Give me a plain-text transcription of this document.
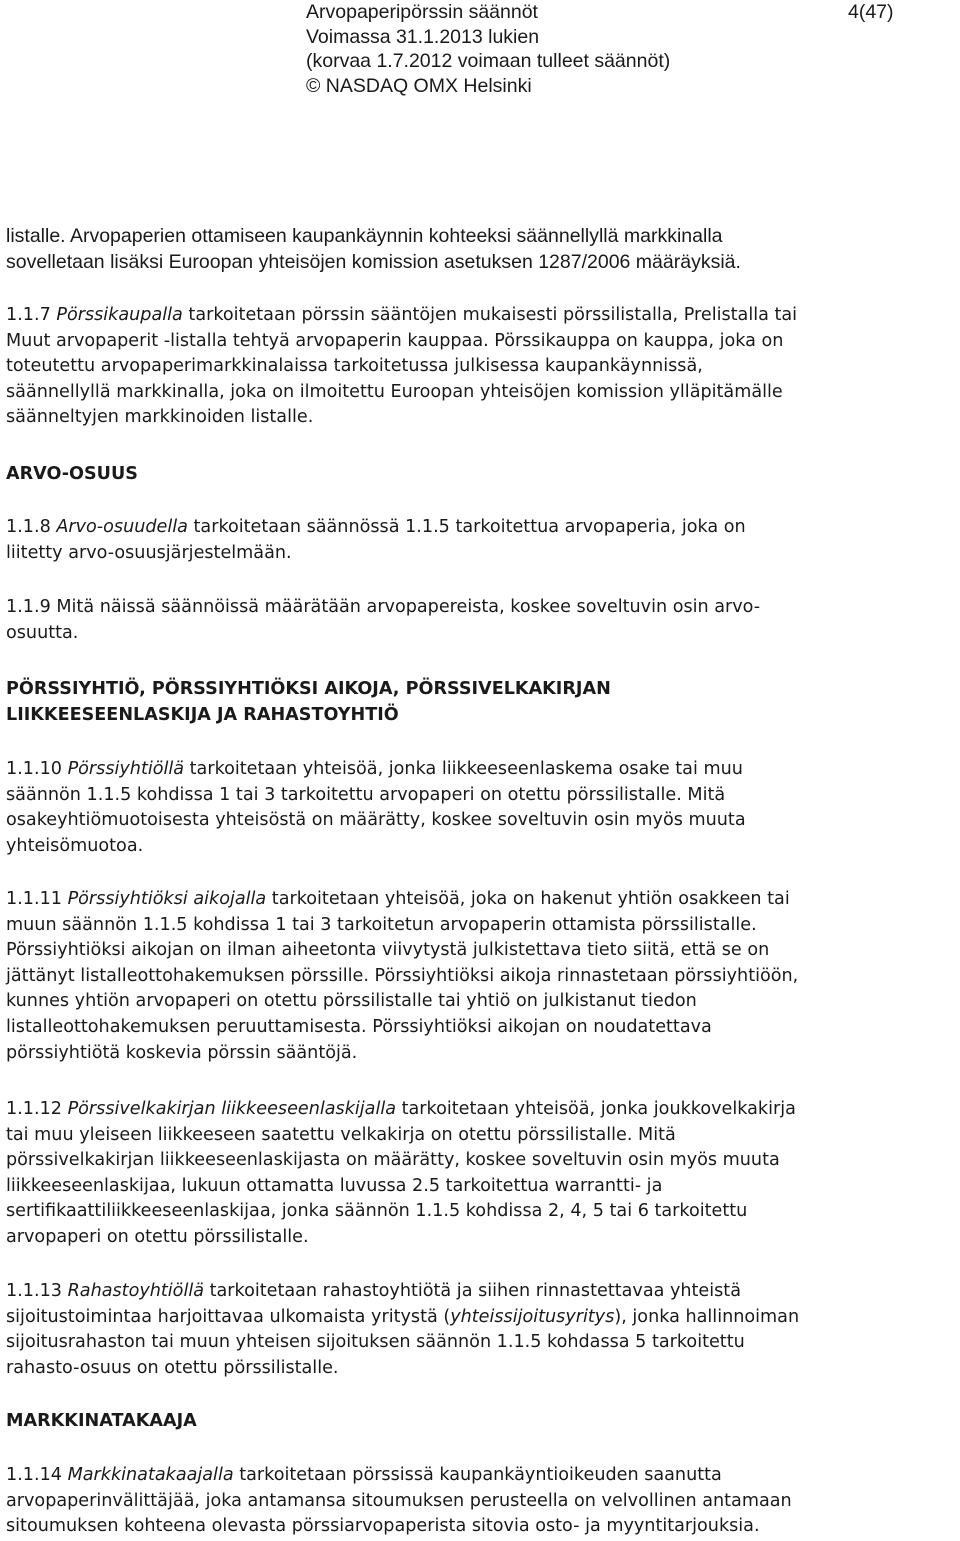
Arvopaperipörssin säännöt
Voimassa 31.1.2013 lukien
(korvaa 1.7.2012 voimaan tulleet säännöt)
© NASDAQ OMX Helsinki
4(47)
listalle. Arvopaperien ottamiseen kaupankäynnin kohteeksi säännellyllä markkinalla
sovelletaan lisäksi Euroopan yhteisöjen komission asetuksen 1287/2006 määräyksiä.
1.1.7 Pörssikaupalla tarkoitetaan pörssin sääntöjen mukaisesti pörssilistalla, Prelistalla tai
Muut arvopaperit -listalla tehtyä arvopaperin kauppaa. Pörssikauppa on kauppa, joka on
toteutettu arvopaperimarkkinalaissa tarkoitetussa julkisessa kaupankäynnissä,
säännellyllä markkinalla, joka on ilmoitettu Euroopan yhteisöjen komission ylläpitämälle
säänneltyjen markkinoiden listalle.
ARVO-OSUUS
1.1.8 Arvo-osuudella tarkoitetaan säännössä 1.1.5 tarkoitettua arvopaperia, joka on
liitetty arvo-osuusjärjestelmään.
1.1.9 Mitä näissä säännöissä määrätään arvopapereista, koskee soveltuvin osin arvo-
osuutta.
PÖRSSIYHTIÖ, PÖRSSIYHTIÖKSI AIKOJA, PÖRSSIVELKAKIRJAN
LIIKKEESEENLASKIJA JA RAHASTOYHTIÖ
1.1.10 Pörssiyhtiöllä tarkoitetaan yhteisöä, jonka liikkeeseenlaskema osake tai muu
säännön 1.1.5 kohdissa 1 tai 3 tarkoitettu arvopaperi on otettu pörssilistalle. Mitä
osakeyhtiömuotoisesta yhteisöstä on määrätty, koskee soveltuvin osin myös muuta
yhteisömuotoa.
1.1.11 Pörssiyhtiöksi aikojalla tarkoitetaan yhteisöä, joka on hakenut yhtiön osakkeen tai
muun säännön 1.1.5 kohdissa 1 tai 3 tarkoitetun arvopaperin ottamista pörssilistalle.
Pörssiyhtiöksi aikojan on ilman aiheetonta viivytystä julkistettava tieto siitä, että se on
jättänyt listalleottohakemuksen pörssille. Pörssiyhtiöksi aikoja rinnastetaan pörssiyhtiöön,
kunnes yhtiön arvopaperi on otettu pörssilistalle tai yhtiö on julkistanut tiedon
listalleottohakemuksen peruuttamisesta. Pörssiyhtiöksi aikojan on noudatettava
pörssiyhtiötä koskevia pörssin sääntöjä.
1.1.12 Pörssivelkakirjan liikkeeseenlaskijalla tarkoitetaan yhteisöä, jonka joukkovelkakirja
tai muu yleiseen liikkeeseen saatettu velkakirja on otettu pörssilistalle. Mitä
pörssivelkakirjan liikkeeseenlaskijasta on määrätty, koskee soveltuvin osin myös muuta
liikkeeseenlaskijaa, lukuun ottamatta luvussa 2.5 tarkoitettua warrantti- ja
sertifikaattiliikkeeseenlaskijaa, jonka säännön 1.1.5 kohdissa 2, 4, 5 tai 6 tarkoitettu
arvopaperi on otettu pörssilistalle.
1.1.13 Rahastoyhtiöllä tarkoitetaan rahastoyhtiötä ja siihen rinnastettavaa yhteistä
sijoitustoimintaa harjoittavaa ulkomaista yritystä (yhteissijoitusyritys), jonka hallinnoiman
sijoitusrahaston tai muun yhteisen sijoituksen säännön 1.1.5 kohdassa 5 tarkoitettu
rahasto-osuus on otettu pörssilistalle.
MARKKINATAKAAJA
1.1.14 Markkinatakaajalla tarkoitetaan pörssissä kaupankäyntioikeuden saanutta
arvopaperinvälittäjää, joka antamansa sitoumuksen perusteella on velvollinen antamaan
sitoumuksen kohteena olevasta pörssiarvopaperista sitovia osto- ja myyntitarjouksia.
